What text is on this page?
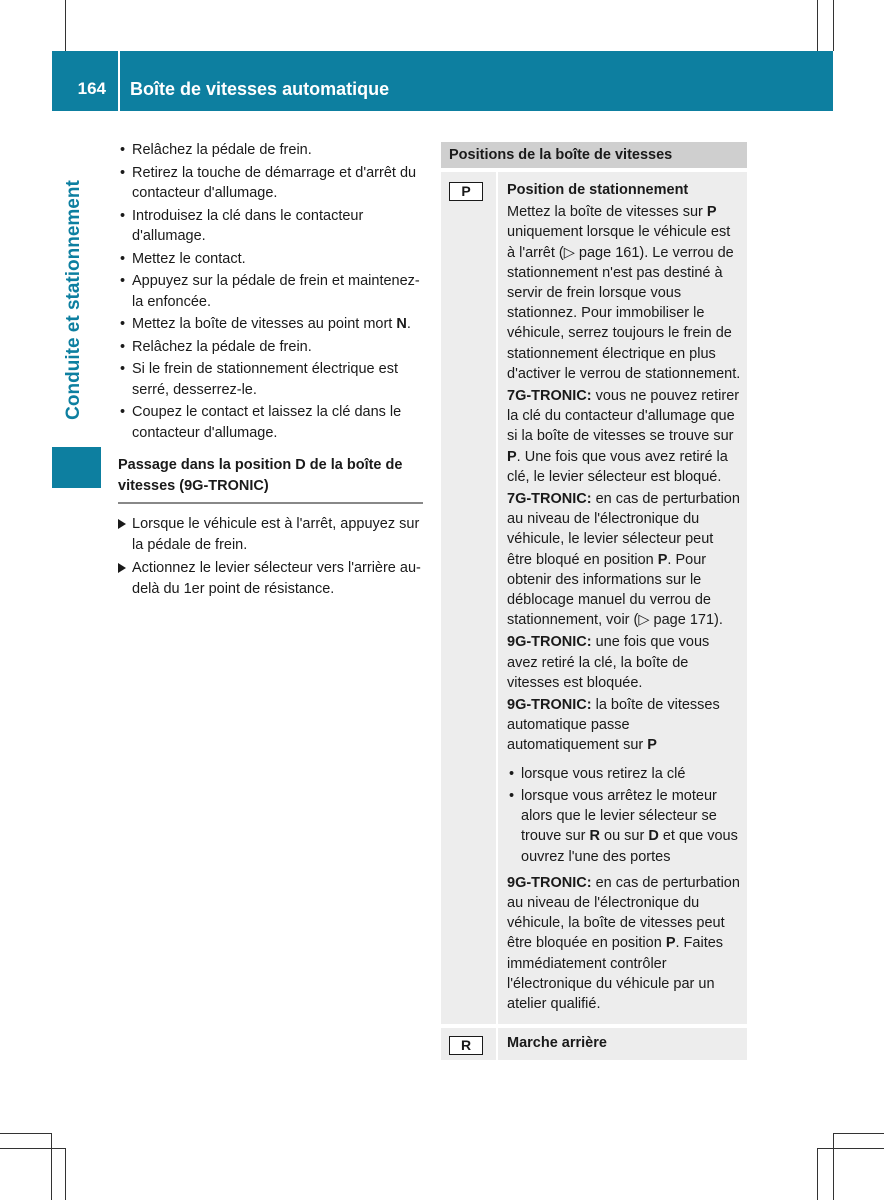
164	Boîte de vitesses automatique
Conduite et stationnement
• Relâchez la pédale de frein.
• Retirez la touche de démarrage et d'arrêt du contacteur d'allumage.
• Introduisez la clé dans le contacteur d'allumage.
• Mettez le contact.
• Appuyez sur la pédale de frein et maintenez-la enfoncée.
• Mettez la boîte de vitesses au point mort N.
• Relâchez la pédale de frein.
• Si le frein de stationnement électrique est serré, desserrez-le.
• Coupez le contact et laissez la clé dans le contacteur d'allumage.
Passage dans la position D de la boîte de vitesses (9G-TRONIC)
Lorsque le véhicule est à l'arrêt, appuyez sur la pédale de frein.
Actionnez le levier sélecteur vers l'arrière au-delà du 1er point de résistance.
Positions de la boîte de vitesses
P	Position de stationnement

Mettez la boîte de vitesses sur P uniquement lorsque le véhicule est à l'arrêt (▷ page 161). Le verrou de stationnement n'est pas destiné à servir de frein lorsque vous stationnez. Pour immobiliser le véhicule, serrez toujours le frein de stationnement électrique en plus d'activer le verrou de stationnement.

7G-TRONIC: vous ne pouvez retirer la clé du contacteur d'allumage que si la boîte de vitesses se trouve sur P. Une fois que vous avez retiré la clé, le levier sélecteur est bloqué.

7G-TRONIC: en cas de perturbation au niveau de l'électronique du véhicule, le levier sélecteur peut être bloqué en position P. Pour obtenir des informations sur le déblocage manuel du verrou de stationnement, voir (▷ page 171).

9G-TRONIC: une fois que vous avez retiré la clé, la boîte de vitesses est bloquée.

9G-TRONIC: la boîte de vitesses automatique passe automatiquement sur P

• lorsque vous retirez la clé
• lorsque vous arrêtez le moteur alors que le levier sélecteur se trouve sur R ou sur D et que vous ouvrez l'une des portes

9G-TRONIC: en cas de perturbation au niveau de l'électronique du véhicule, la boîte de vitesses peut être bloquée en position P. Faites immédiatement contrôler l'électronique du véhicule par un atelier qualifié.

R	Marche arrière
